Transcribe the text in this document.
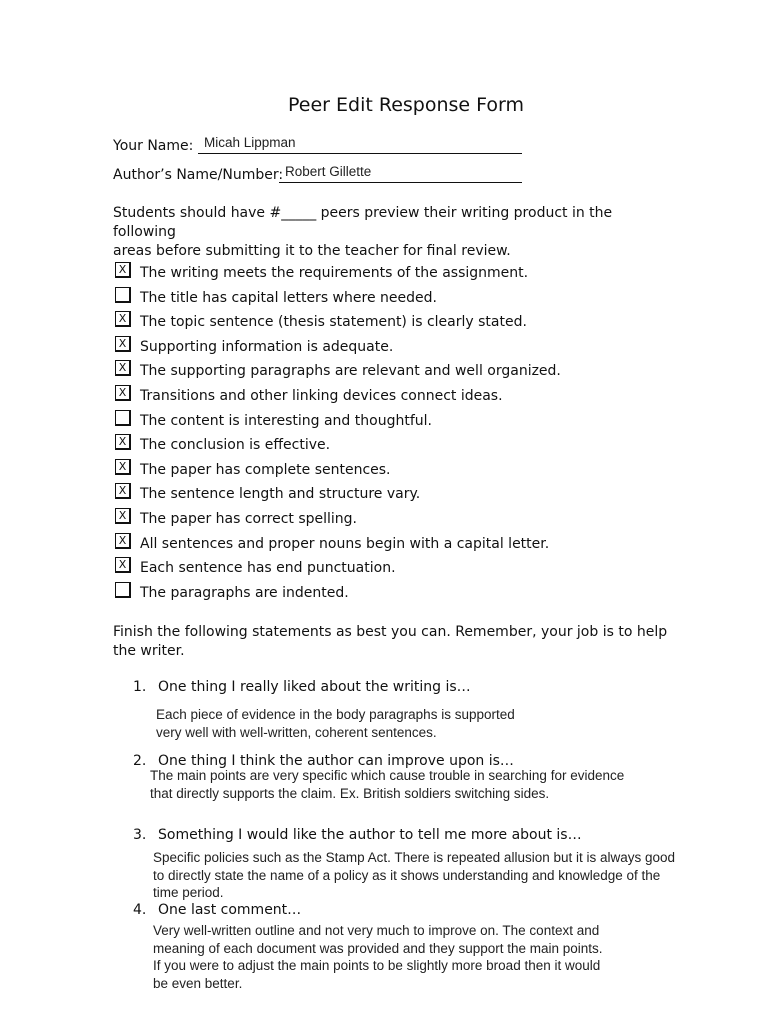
Peer Edit Response Form
Your Name: Micah Lippman
Author’s Name/Number: Robert Gillette
Students should have #_____ peers preview their writing product in the following
areas before submitting it to the teacher for final review.
X The writing meets the requirements of the assignment.
The title has capital letters where needed.
X The topic sentence (thesis statement) is clearly stated.
X Supporting information is adequate.
X The supporting paragraphs are relevant and well organized.
X Transitions and other linking devices connect ideas.
The content is interesting and thoughtful.
X The conclusion is effective.
X The paper has complete sentences.
X The sentence length and structure vary.
X The paper has correct spelling.
X All sentences and proper nouns begin with a capital letter.
X Each sentence has end punctuation.
The paragraphs are indented.
Finish the following statements as best you can. Remember, your job is to help
the writer.
1. One thing I really liked about the writing is…
Each piece of evidence in the body paragraphs is supported
very well with well-written, coherent sentences.
2. One thing I think the author can improve upon is…
The main points are very specific which cause trouble in searching for evidence
that directly supports the claim. Ex. British soldiers switching sides.
3. Something I would like the author to tell me more about is…
Specific policies such as the Stamp Act. There is repeated allusion but it is always good
to directly state the name of a policy as it shows understanding and knowledge of the
time period.
4. One last comment…
Very well-written outline and not very much to improve on. The context and
meaning of each document was provided and they support the main points.
If you were to adjust the main points to be slightly more broad then it would
be even better.
